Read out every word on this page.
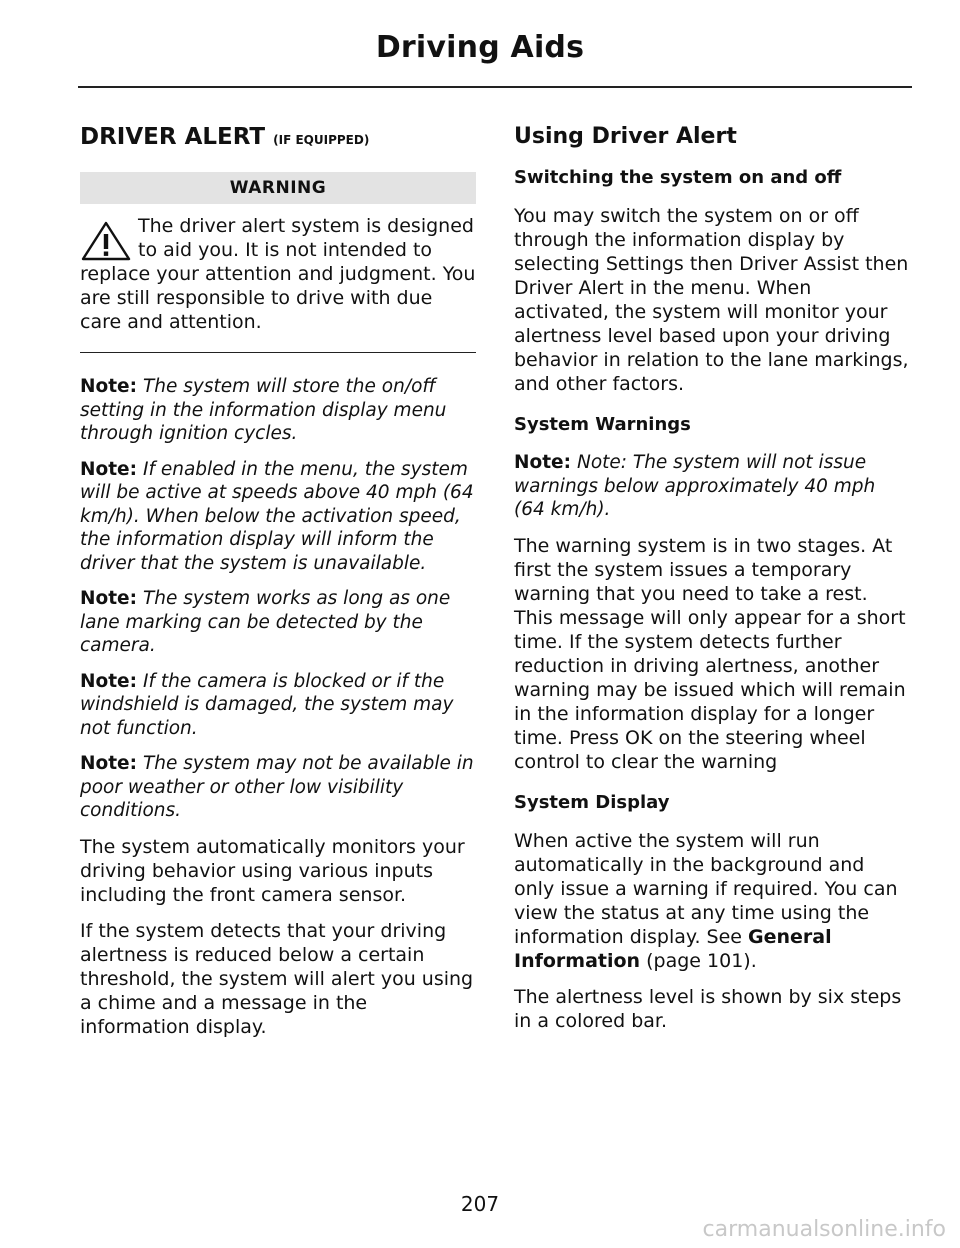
Driving Aids
DRIVER ALERT (IF EQUIPPED)
WARNING
The driver alert system is designed to aid you. It is not intended to replace your attention and judgment. You are still responsible to drive with due care and attention.

Note: The system will store the on/off setting in the information display menu through ignition cycles.

Note: If enabled in the menu, the system will be active at speeds above 40 mph (64 km/h). When below the activation speed, the information display will inform the driver that the system is unavailable.

Note: The system works as long as one lane marking can be detected by the camera.

Note: If the camera is blocked or if the windshield is damaged, the system may not function.

Note: The system may not be available in poor weather or other low visibility conditions.

The system automatically monitors your driving behavior using various inputs including the front camera sensor.

If the system detects that your driving alertness is reduced below a certain threshold, the system will alert you using a chime and a message in the information display.

Using Driver Alert
Switching the system on and off

You may switch the system on or off through the information display by selecting Settings then Driver Assist then Driver Alert in the menu. When activated, the system will monitor your alertness level based upon your driving behavior in relation to the lane markings, and other factors.

System Warnings

Note: Note: The system will not issue warnings below approximately 40 mph (64 km/h).

The warning system is in two stages. At first the system issues a temporary warning that you need to take a rest. This message will only appear for a short time. If the system detects further reduction in driving alertness, another warning may be issued which will remain in the information display for a longer time. Press OK on the steering wheel control to clear the warning

System Display

When active the system will run automatically in the background and only issue a warning if required. You can view the status at any time using the information display. See General Information (page 101).

The alertness level is shown by six steps in a colored bar.

207
carmanualsonline.info
